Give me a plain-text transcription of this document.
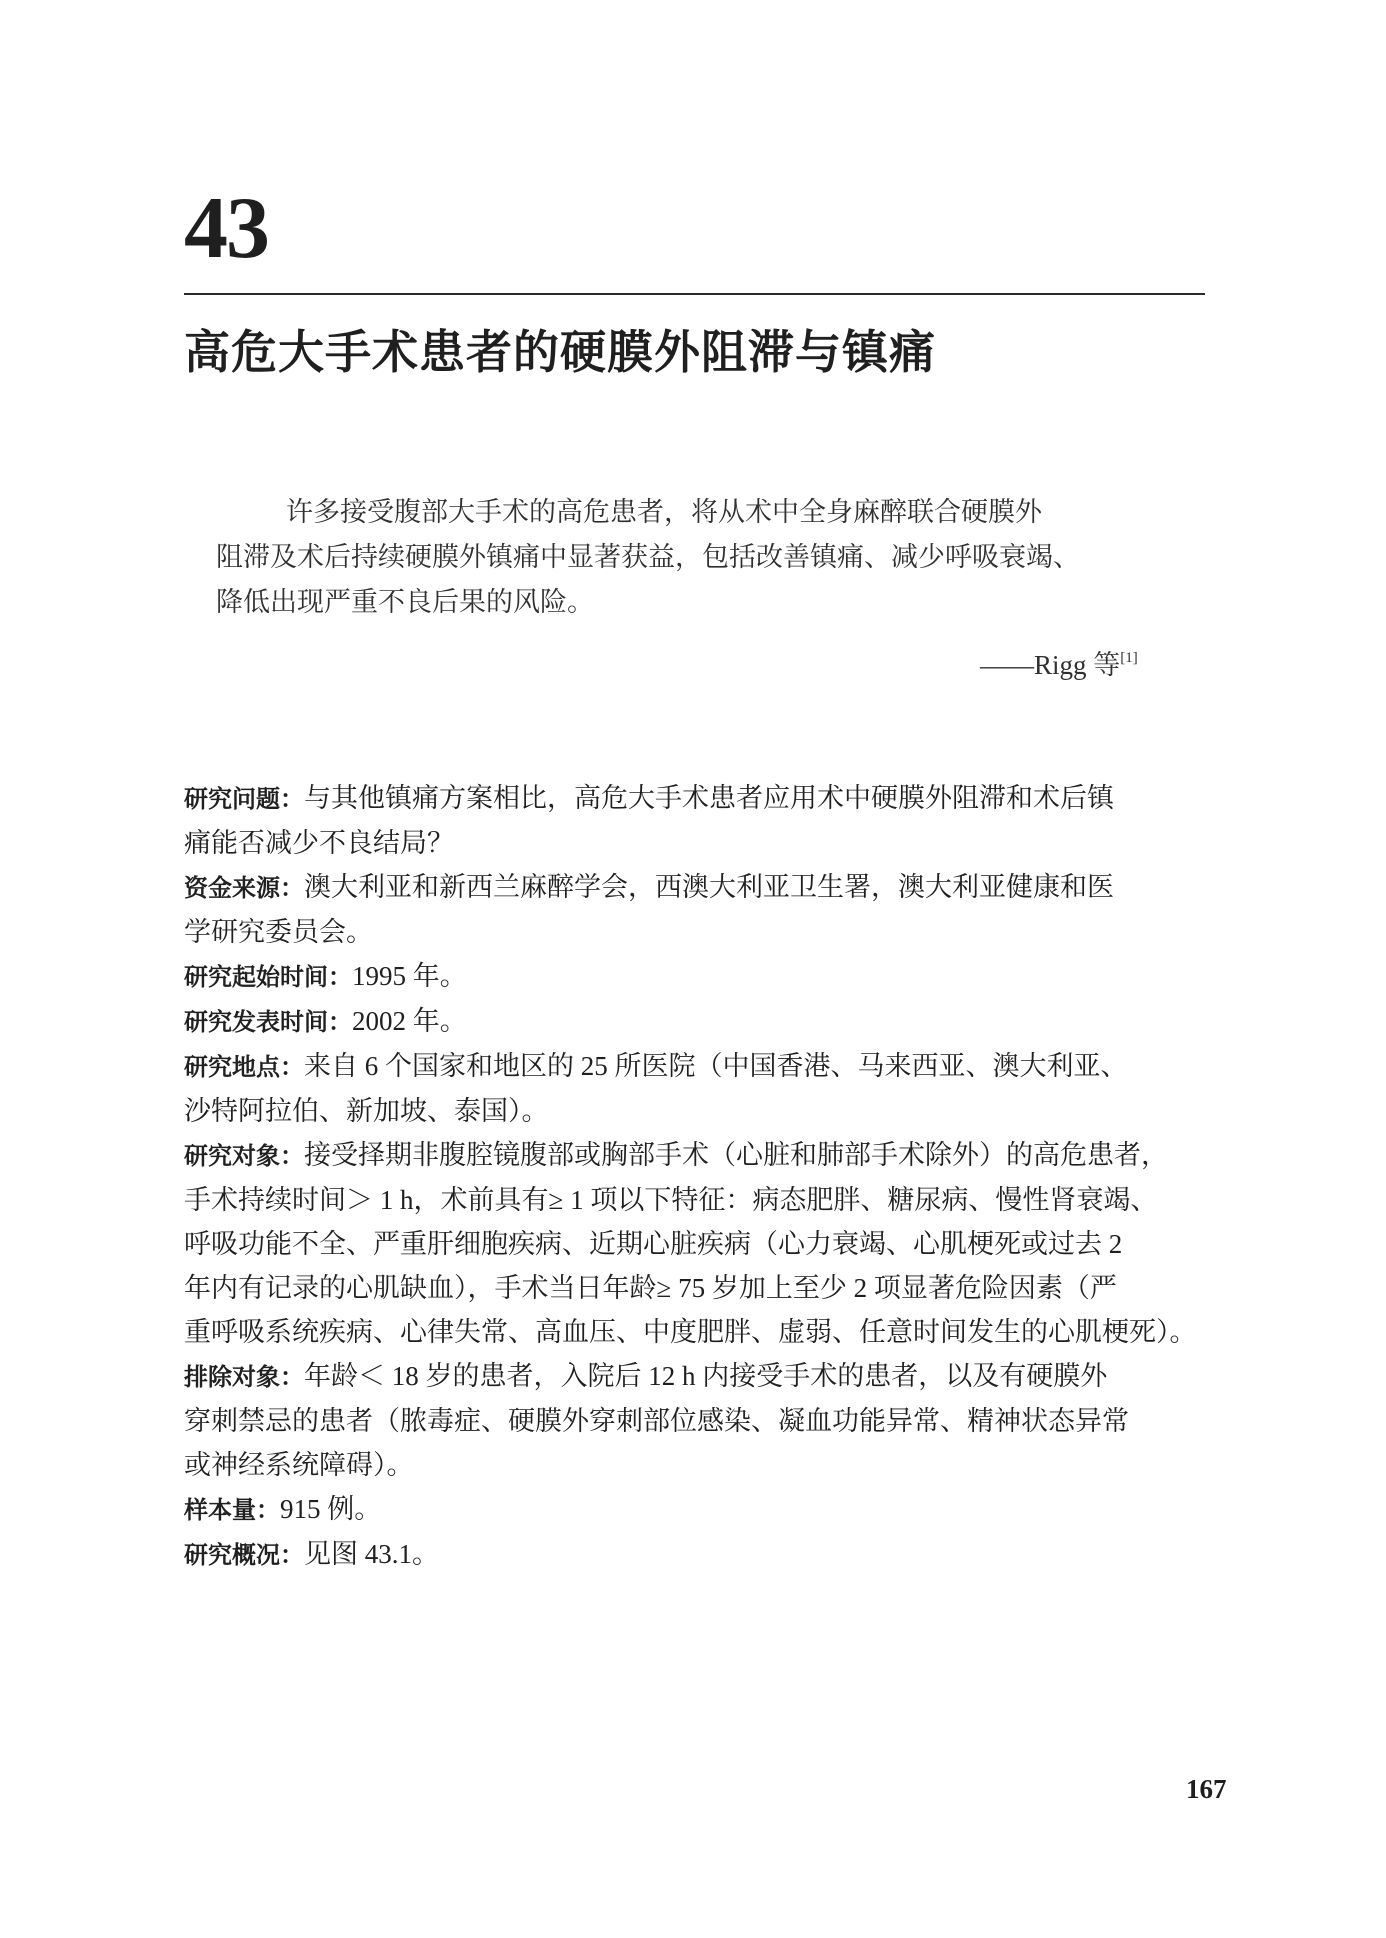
43
高危大手术患者的硬膜外阻滞与镇痛
许多接受腹部大手术的高危患者，将从术中全身麻醉联合硬膜外
阻滞及术后持续硬膜外镇痛中显著获益，包括改善镇痛、减少呼吸衰竭、
降低出现严重不良后果的风险。
——Rigg 等[1]
研究问题：与其他镇痛方案相比，高危大手术患者应用术中硬膜外阻滞和术后镇
痛能否减少不良结局？
资金来源：澳大利亚和新西兰麻醉学会，西澳大利亚卫生署，澳大利亚健康和医
学研究委员会。
研究起始时间：1995 年。
研究发表时间：2002 年。
研究地点：来自 6 个国家和地区的 25 所医院（中国香港、马来西亚、澳大利亚、
沙特阿拉伯、新加坡、泰国）。
研究对象：接受择期非腹腔镜腹部或胸部手术（心脏和肺部手术除外）的高危患者，
手术持续时间＞ 1 h，术前具有≥ 1 项以下特征：病态肥胖、糖尿病、慢性肾衰竭、
呼吸功能不全、严重肝细胞疾病、近期心脏疾病（心力衰竭、心肌梗死或过去 2
年内有记录的心肌缺血），手术当日年龄≥ 75 岁加上至少 2 项显著危险因素（严
重呼吸系统疾病、心律失常、高血压、中度肥胖、虚弱、任意时间发生的心肌梗死）。
排除对象：年龄＜ 18 岁的患者，入院后 12 h 内接受手术的患者，以及有硬膜外
穿刺禁忌的患者（脓毒症、硬膜外穿刺部位感染、凝血功能异常、精神状态异常
或神经系统障碍）。
样本量：915 例。
研究概况：见图 43.1。
167
